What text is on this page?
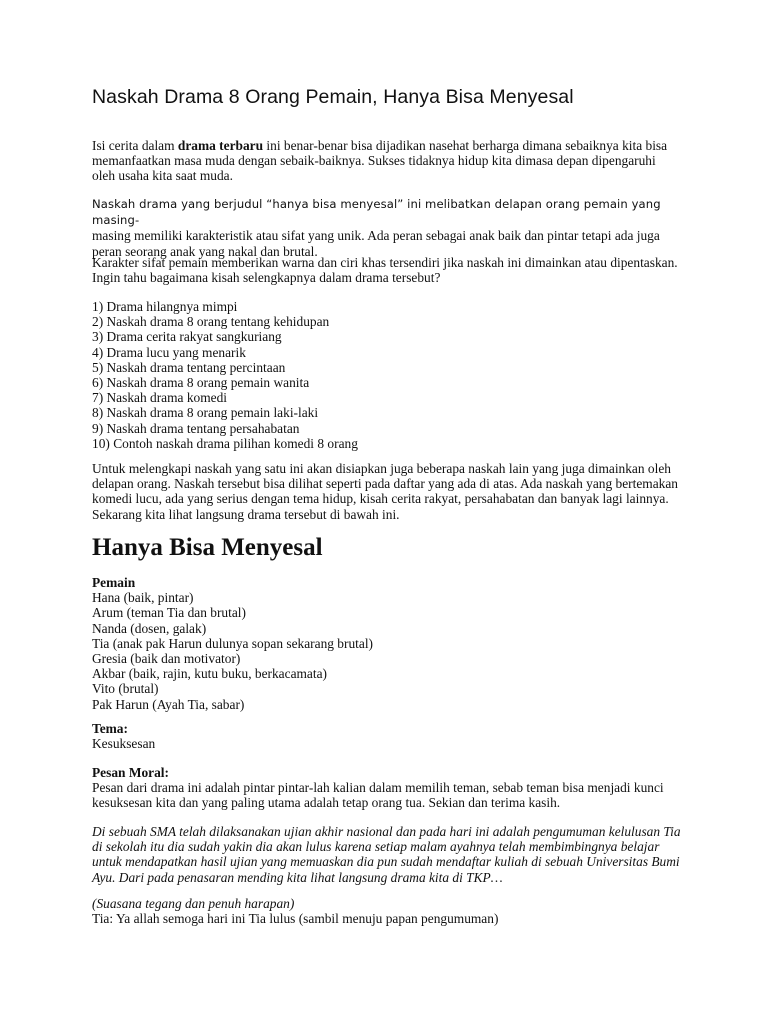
Naskah Drama 8 Orang Pemain, Hanya Bisa Menyesal

Isi cerita dalam drama terbaru ini benar-benar bisa dijadikan nasehat berharga dimana sebaiknya kita bisa memanfaatkan masa muda dengan sebaik-baiknya. Sukses tidaknya hidup kita dimasa depan dipengaruhi oleh usaha kita saat muda.

Naskah drama yang berjudul “hanya bisa menyesal” ini melibatkan delapan orang pemain yang masing-
masing memiliki karakteristik atau sifat yang unik. Ada peran sebagai anak baik dan pintar tetapi ada juga peran seorang anak yang nakal dan brutal.

Karakter sifat pemain memberikan warna dan ciri khas tersendiri jika naskah ini dimainkan atau dipentaskan. Ingin tahu bagaimana kisah selengkapnya dalam drama tersebut?

1) Drama hilangnya mimpi
2) Naskah drama 8 orang tentang kehidupan
3) Drama cerita rakyat sangkuriang
4) Drama lucu yang menarik
5) Naskah drama tentang percintaan
6) Naskah drama 8 orang pemain wanita
7) Naskah drama komedi
8) Naskah drama 8 orang pemain laki-laki
9) Naskah drama tentang persahabatan
10) Contoh naskah drama pilihan komedi 8 orang

Untuk melengkapi naskah yang satu ini akan disiapkan juga beberapa naskah lain yang juga dimainkan oleh delapan orang. Naskah tersebut bisa dilihat seperti pada daftar yang ada di atas. Ada naskah yang bertemakan komedi lucu, ada yang serius dengan tema hidup, kisah cerita rakyat, persahabatan dan banyak lagi lainnya. Sekarang kita lihat langsung drama tersebut di bawah ini.

Hanya Bisa Menyesal
Pemain
Hana (baik, pintar)
Arum (teman Tia dan brutal)
Nanda (dosen, galak)
Tia (anak pak Harun dulunya sopan sekarang brutal)
Gresia (baik dan motivator)
Akbar (baik, rajin, kutu buku, berkacamata)
Vito (brutal)
Pak Harun (Ayah Tia, sabar)
Tema:
Kesuksesan
Pesan Moral:
Pesan dari drama ini adalah pintar pintar-lah kalian dalam memilih teman, sebab teman bisa menjadi kunci kesuksesan kita dan yang paling utama adalah tetap orang tua. Sekian dan terima kasih.

Di sebuah SMA telah dilaksanakan ujian akhir nasional dan pada hari ini adalah pengumuman kelulusan Tia di sekolah itu dia sudah yakin dia akan lulus karena setiap malam ayahnya telah membimbingnya belajar untuk mendapatkan hasil ujian yang memuaskan dia pun sudah mendaftar kuliah di sebuah Universitas Bumi Ayu. Dari pada penasaran mending kita lihat langsung drama kita di TKP…

(Suasana tegang dan penuh harapan)
Tia: Ya allah semoga hari ini Tia lulus (sambil menuju papan pengumuman)
